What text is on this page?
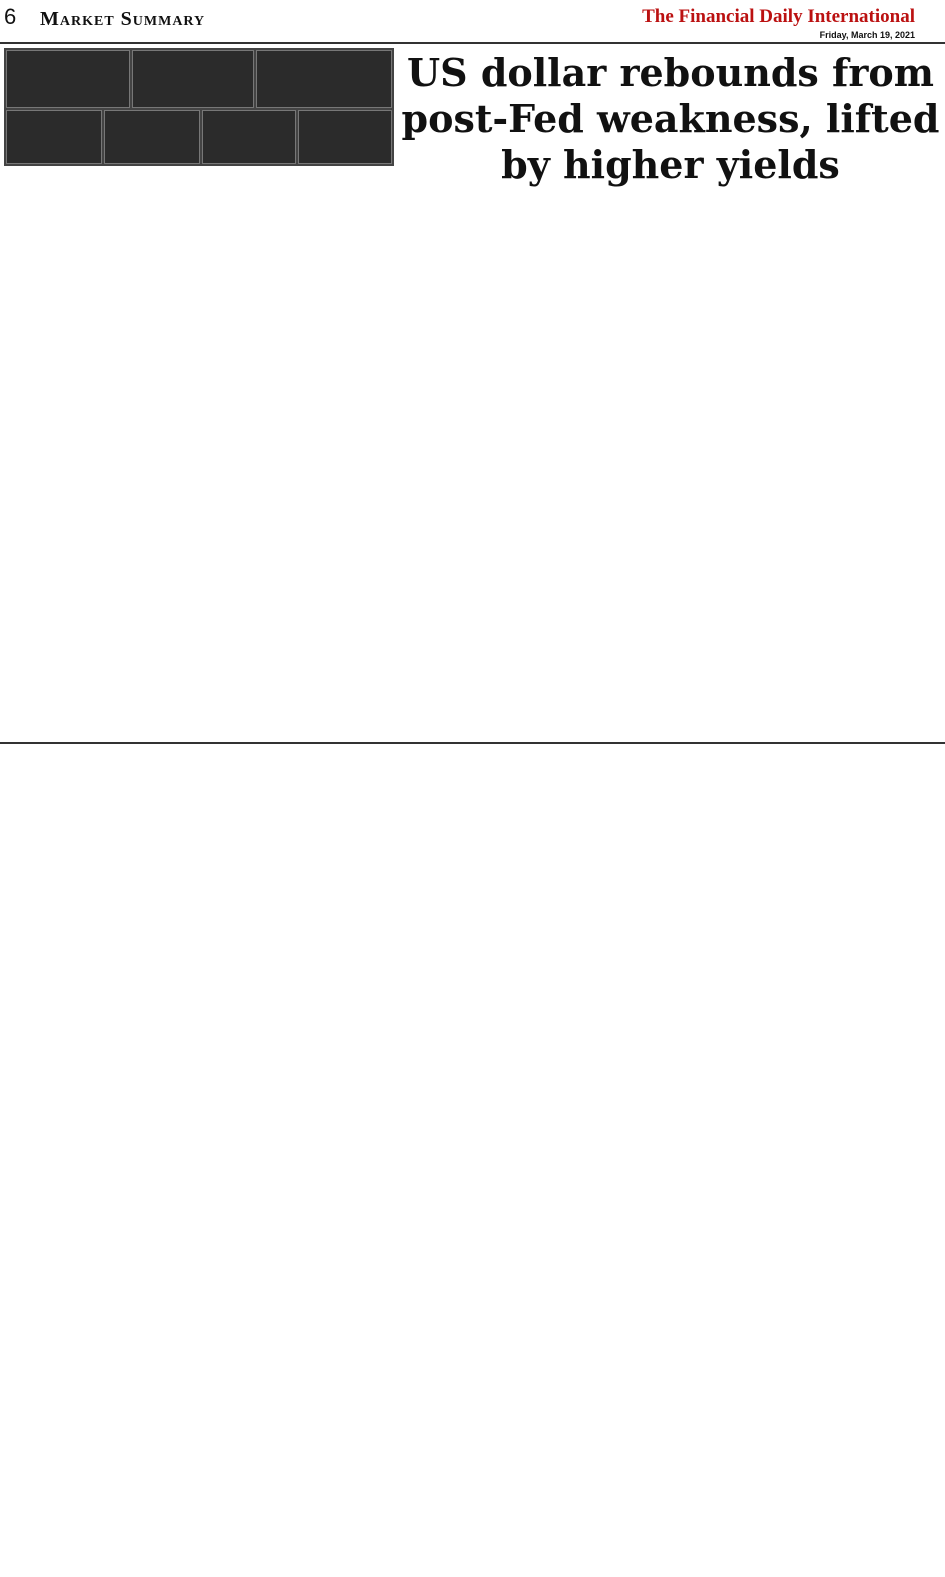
6 Market Summary	The Financial Daily International
Friday, March 19, 2021
US dollar rebounds from post-Fed weakness, lifted by higher yields
